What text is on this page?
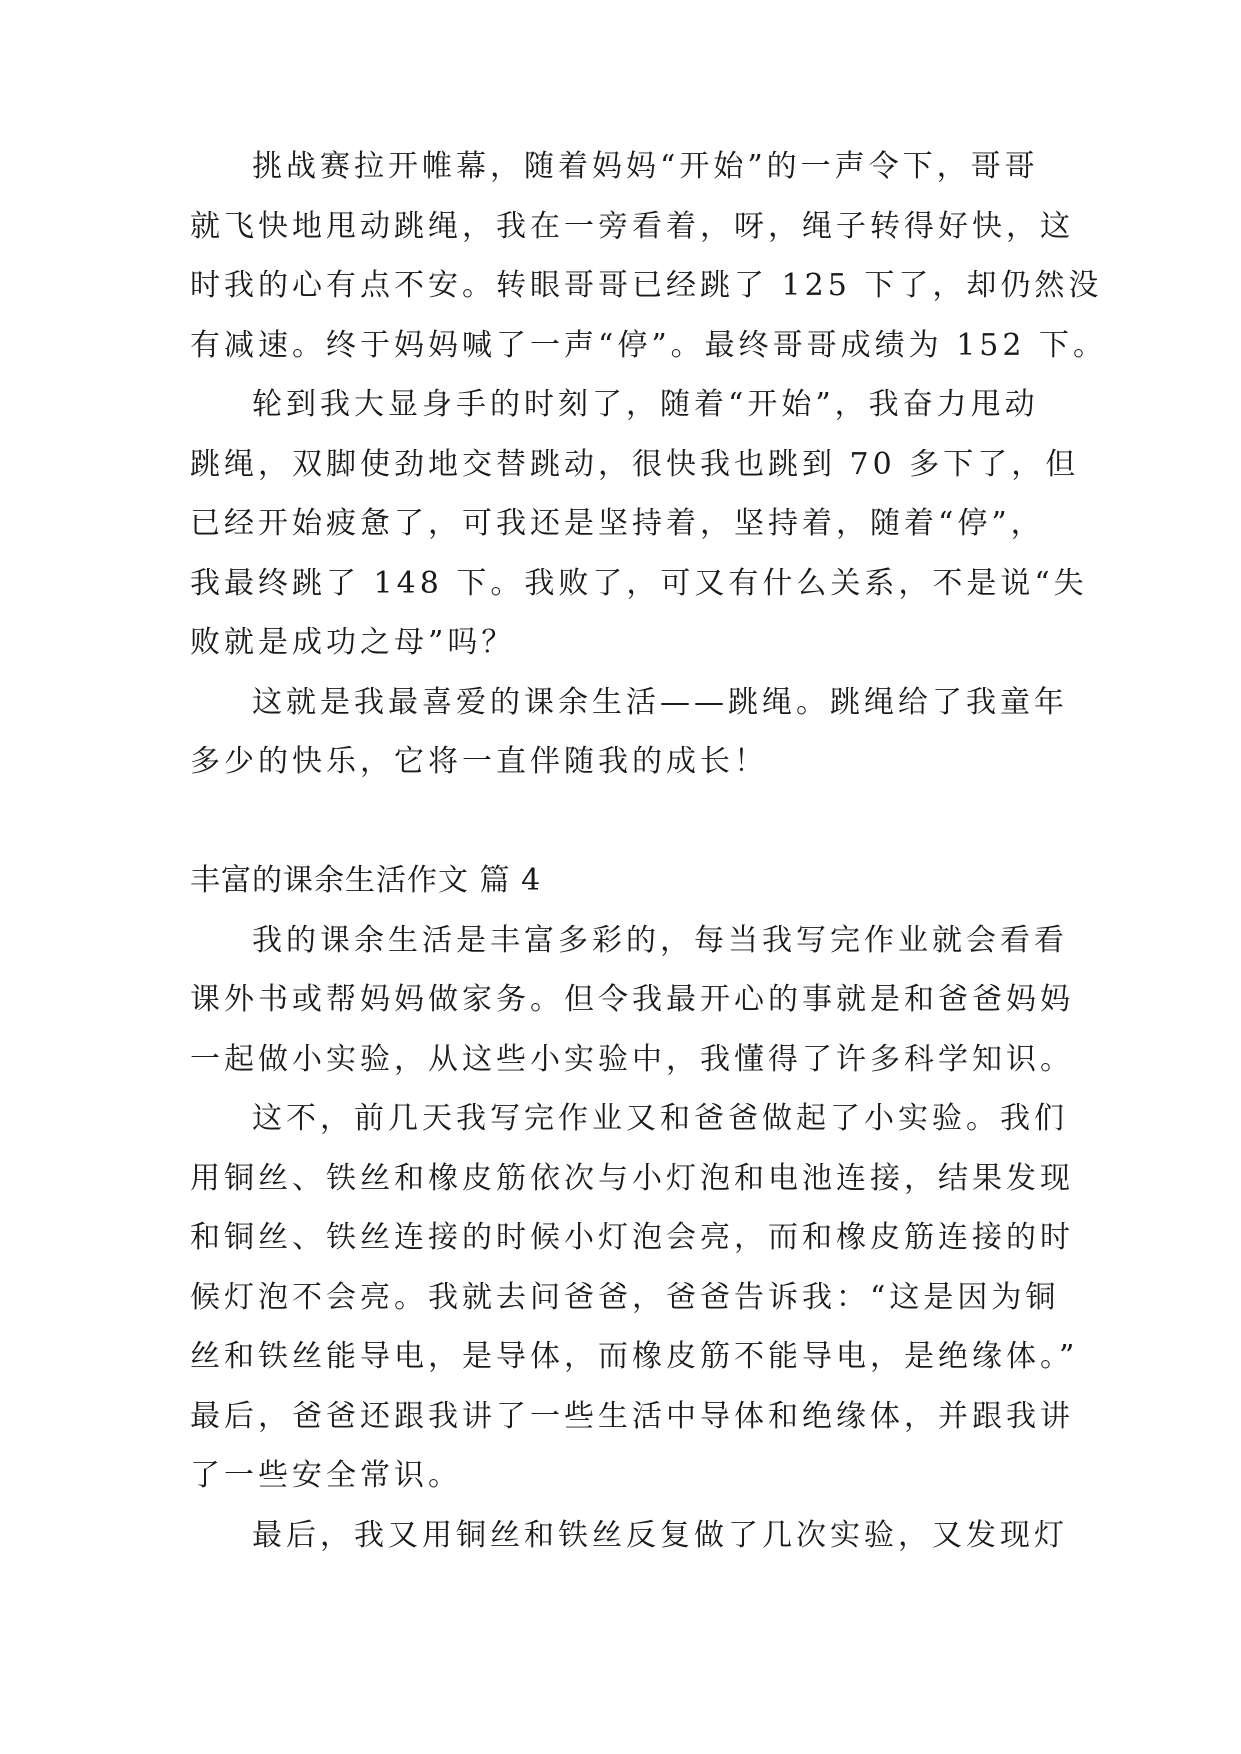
挑战赛拉开帷幕，随着妈妈“开始”的一声令下，哥哥
就飞快地甩动跳绳，我在一旁看着，呀，绳子转得好快，这
时我的心有点不安。转眼哥哥已经跳了 125 下了，却仍然没
有减速。终于妈妈喊了一声“停”。最终哥哥成绩为 152 下。
轮到我大显身手的时刻了，随着“开始”，我奋力甩动
跳绳，双脚使劲地交替跳动，很快我也跳到 70 多下了，但
已经开始疲惫了，可我还是坚持着，坚持着，随着“停”，
我最终跳了 148 下。我败了，可又有什么关系，不是说“失
败就是成功之母”吗？
这就是我最喜爱的课余生活——跳绳。跳绳给了我童年
多少的快乐，它将一直伴随我的成长！
丰富的课余生活作文 篇 4
我的课余生活是丰富多彩的，每当我写完作业就会看看
课外书或帮妈妈做家务。但令我最开心的事就是和爸爸妈妈
一起做小实验，从这些小实验中，我懂得了许多科学知识。
这不，前几天我写完作业又和爸爸做起了小实验。我们
用铜丝、铁丝和橡皮筋依次与小灯泡和电池连接，结果发现
和铜丝、铁丝连接的时候小灯泡会亮，而和橡皮筋连接的时
候灯泡不会亮。我就去问爸爸，爸爸告诉我：“这是因为铜
丝和铁丝能导电，是导体，而橡皮筋不能导电，是绝缘体。”
最后，爸爸还跟我讲了一些生活中导体和绝缘体，并跟我讲
了一些安全常识。
最后，我又用铜丝和铁丝反复做了几次实验，又发现灯
